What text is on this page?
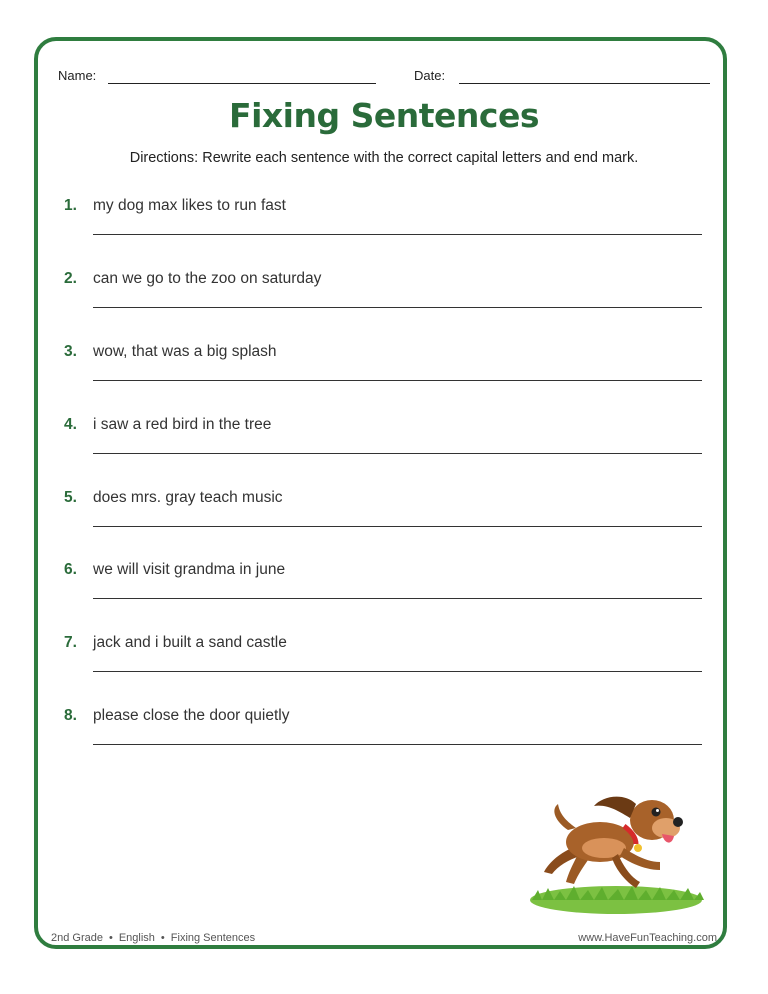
Name:	Date:
Fixing Sentences
Directions: Rewrite each sentence with the correct capital letters and end mark.
1. my dog max likes to run fast
2. can we go to the zoo on saturday
3. wow, that was a big splash
4. i saw a red bird in the tree
5. does mrs. gray teach music
6. we will visit grandma in june
7. jack and i built a sand castle
8. please close the door quietly
2nd Grade • English • Fixing Sentences	www.HaveFunTeaching.com
